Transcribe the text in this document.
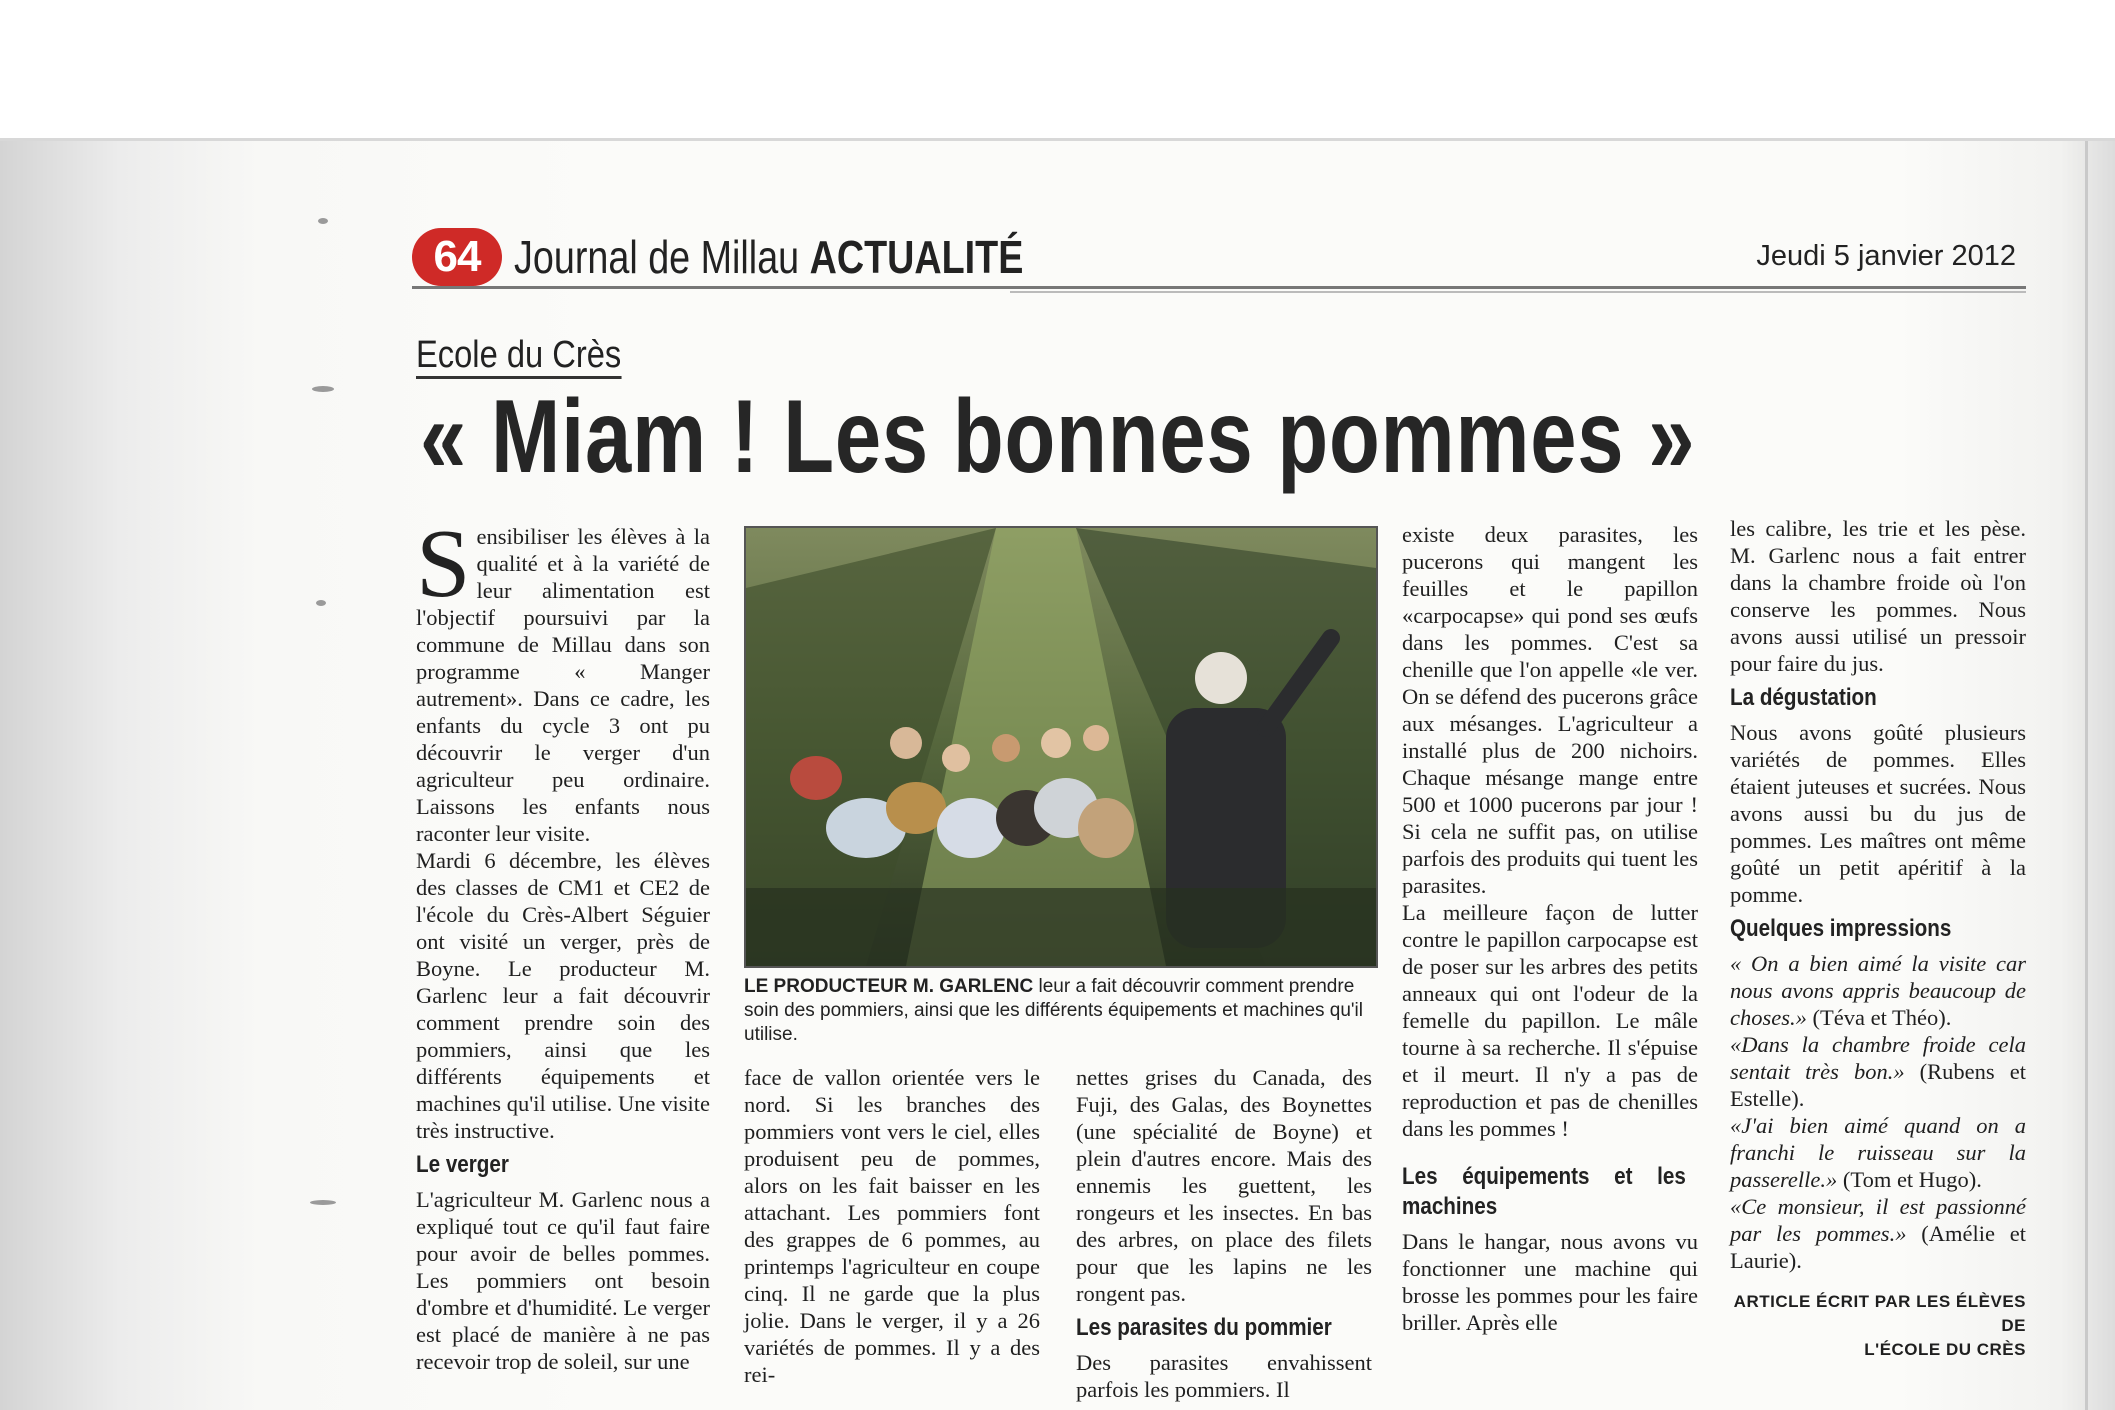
64 Journal de Millau ACTUALITÉ	Jeudi 5 janvier 2012
Ecole du Crès
« Miam ! Les bonnes pommes »

Sensibiliser les élèves à la qualité et à la variété de leur alimentation est l'objectif poursuivi par la commune de Millau dans son programme « Manger autrement». Dans ce cadre, les enfants du cycle 3 ont pu découvrir le verger d'un agriculteur peu ordinaire. Laissons les enfants nous raconter leur visite.

Mardi 6 décembre, les élèves des classes de CM1 et CE2 de l'école du Crès-Albert Séguier ont visité un verger, près de Boyne. Le producteur M. Garlenc leur a fait découvrir comment prendre soin des pommiers, ainsi que les différents équipements et machines qu'il utilise. Une visite très instructive.

Le verger

L'agriculteur M. Garlenc nous a expliqué tout ce qu'il faut faire pour avoir de belles pommes. Les pommiers ont besoin d'ombre et d'humidité. Le verger est placé de manière à ne pas recevoir trop de soleil, sur une

LE PRODUCTEUR M. GARLENC leur a fait découvrir comment prendre soin des pommiers, ainsi que les différents équipements et machines qu'il utilise.

face de vallon orientée vers le nord. Si les branches des pommiers vont vers le ciel, elles produisent peu de pommes, alors on les fait baisser en les attachant. Les pommiers font des grappes de 6 pommes, au printemps l'agriculteur en coupe cinq. Il ne garde que la plus jolie. Dans le verger, il y a 26 variétés de pommes. Il y a des rei-

nettes grises du Canada, des Fuji, des Galas, des Boynettes (une spécialité de Boyne) et plein d'autres encore. Mais des ennemis les guettent, les rongeurs et les insectes. En bas des arbres, on place des filets pour que les lapins ne les rongent pas.

Les parasites du pommier

Des parasites envahissent parfois les pommiers. Il

existe deux parasites, les pucerons qui mangent les feuilles et le papillon «carpocapse» qui pond ses œufs dans les pommes. C'est sa chenille que l'on appelle «le ver. On se défend des pucerons grâce aux mésanges. L'agriculteur a installé plus de 200 nichoirs. Chaque mésange mange entre 500 et 1000 pucerons par jour ! Si cela ne suffit pas, on utilise parfois des produits qui tuent les parasites.

La meilleure façon de lutter contre le papillon carpocapse est de poser sur les arbres des petits anneaux qui ont l'odeur de la femelle du papillon. Le mâle tourne à sa recherche. Il s'épuise et il meurt. Il n'y a pas de reproduction et pas de chenilles dans les pommes !

Les équipements et les machines

Dans le hangar, nous avons vu fonctionner une machine qui brosse les pommes pour les faire briller. Après elle

les calibre, les trie et les pèse. M. Garlenc nous a fait entrer dans la chambre froide où l'on conserve les pommes. Nous avons aussi utilisé un pressoir pour faire du jus.

La dégustation

Nous avons goûté plusieurs variétés de pommes. Elles étaient juteuses et sucrées. Nous avons aussi bu du jus de pommes. Les maîtres ont même goûté un petit apéritif à la pomme.

Quelques impressions

« On a bien aimé la visite car nous avons appris beaucoup de choses.» (Téva et Théo).

«Dans la chambre froide cela sentait très bon.» (Rubens et Estelle).

«J'ai bien aimé quand on a franchi le ruisseau sur la passerelle.» (Tom et Hugo).

«Ce monsieur, il est passionné par les pommes.» (Amélie et Laurie).

ARTICLE ÉCRIT PAR LES ÉLÈVES DE
L'ÉCOLE DU CRÈS
